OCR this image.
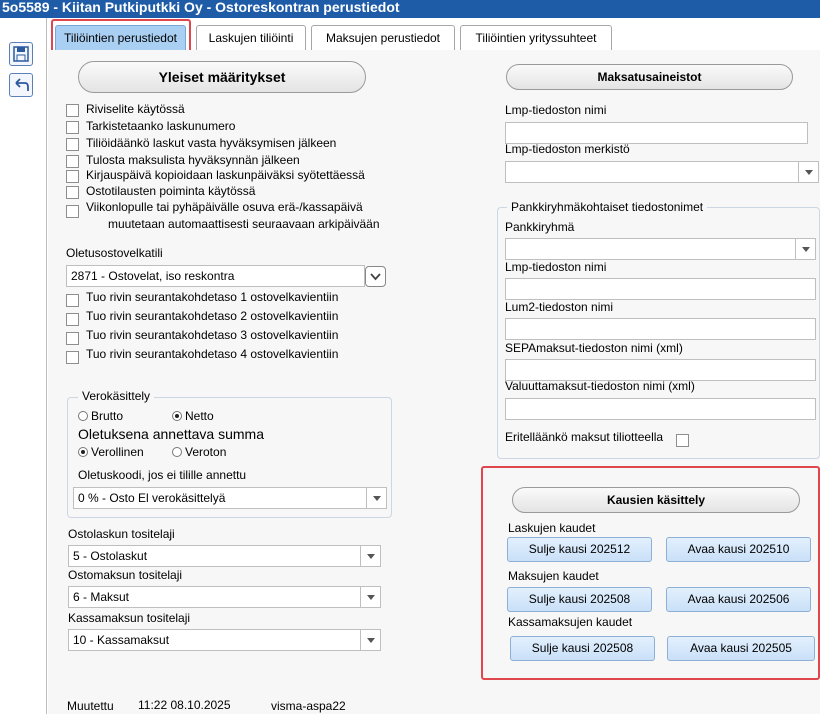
5o5589 - Kiitan Putkiputkki Oy - Ostoreskontran perustiedot
Tiliöintien perustiedot	Laskujen tiliöinti	Maksujen perustiedot	Tiliöintien yrityssuhteet
Yleiset määritykset
Riviselite käytössä
Tarkistetaanko laskunumero
Tiliöidäänkö laskut vasta hyväksymisen jälkeen
Tulosta maksulista hyväksynnän jälkeen
Kirjauspäivä kopioidaan laskunpäiväksi syötettäessä
Ostotilausten poiminta käytössä
Viikonlopulle tai pyhäpäivälle osuva erä-/kassapäivä
muutetaan automaattisesti seuraavaan arkipäivään
Oletusostovelkatili
2871 - Ostovelat, iso reskontra
Tuo rivin seurantakohdetaso 1 ostovelkavientiin
Tuo rivin seurantakohdetaso 2 ostovelkavientiin
Tuo rivin seurantakohdetaso 3 ostovelkavientiin
Tuo rivin seurantakohdetaso 4 ostovelkavientiin
Verokäsittely
Brutto	Netto
Oletuksena annettava summa
Verollinen	Veroton
Oletuskoodi, jos ei tilille annettu
0 % - Osto El verokäsittelyä
Ostolaskun tositelaji
5 - Ostolaskut
Ostomaksun tositelaji
6 - Maksut
Kassamaksun tositelaji
10 - Kassamaksut
Muutettu 11:22 08.10.2025	visma-aspa22
Maksatusaineistot
Lmp-tiedoston nimi
Lmp-tiedoston merkistö
Pankkiryhmäkohtaiset tiedostonimet
Pankkiryhmä
Lmp-tiedoston nimi
Lum2-tiedoston nimi
SEPAmaksut-tiedoston nimi (xml)
Valuuttamaksut-tiedoston nimi (xml)
Eritelläänkö maksut tiliotteella
Kausien käsittely
Laskujen kaudet
Sulje kausi 202512	Avaa kausi 202510
Maksujen kaudet
Sulje kausi 202508	Avaa kausi 202506
Kassamaksujen kaudet
Sulje kausi 202508	Avaa kausi 202505
